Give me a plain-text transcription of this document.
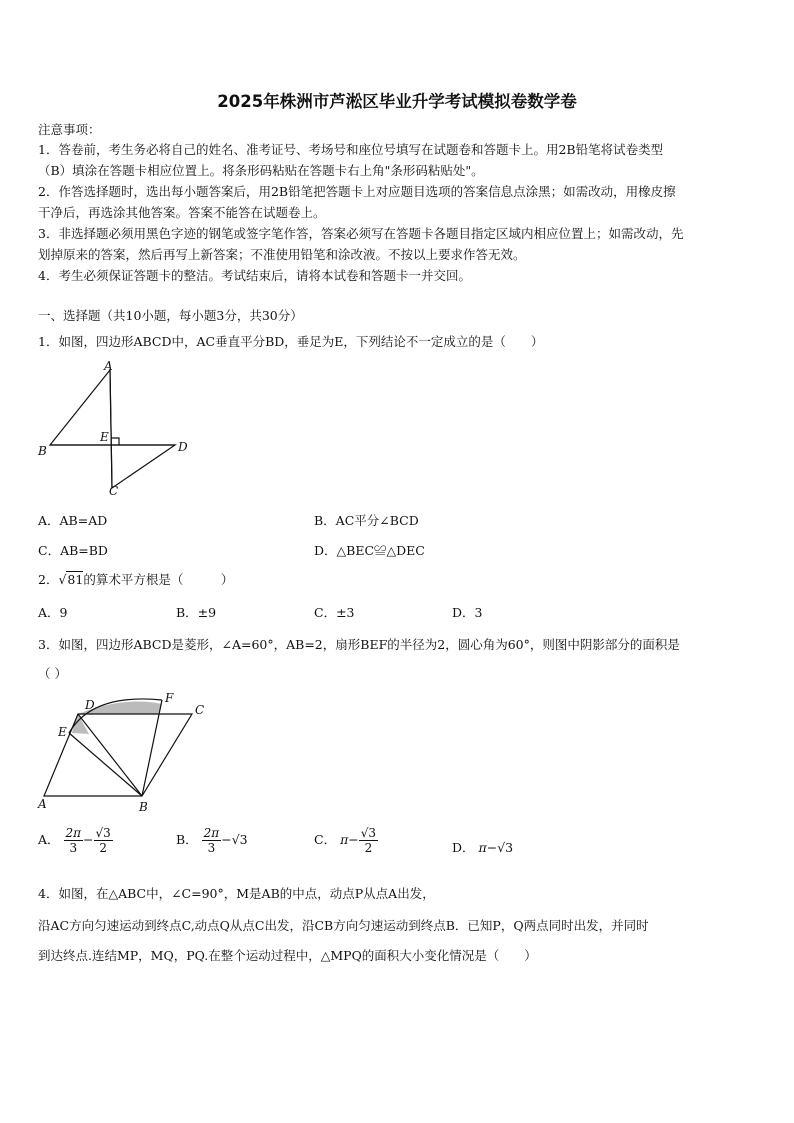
2025年株洲市芦淞区毕业升学考试模拟卷数学卷
注意事项：
1．答卷前，考生务必将自己的姓名、准考证号、考场号和座位号填写在试题卷和答题卡上。用2B铅笔将试卷类型
（B）填涂在答题卡相应位置上。将条形码粘贴在答题卡右上角"条形码粘贴处"。
2．作答选择题时，选出每小题答案后，用2B铅笔把答题卡上对应题目选项的答案信息点涂黑；如需改动，用橡皮擦
干净后，再选涂其他答案。答案不能答在试题卷上。
3．非选择题必须用黑色字迹的钢笔或签字笔作答，答案必须写在答题卡各题目指定区域内相应位置上；如需改动，先
划掉原来的答案，然后再写上新答案；不准使用铅笔和涂改液。不按以上要求作答无效。
4．考生必须保证答题卡的整洁。考试结束后，请将本试卷和答题卡一并交回。
一、选择题（共10小题，每小题3分，共30分）
1．如图，四边形ABCD中，AC垂直平分BD，垂足为E，下列结论不一定成立的是（　　）
A
B
C
D
E
A．AB=AD	B．AC平分∠BCD
C．AB=BD	D．△BEC≌△DEC
2．√81的算术平方根是（　　　）
A．9	B．±9	C．±3	D．3
3．如图，四边形ABCD是菱形，∠A=60°，AB=2，扇形BEF的半径为2，圆心角为60°，则图中阴影部分的面积是
（ ）
A	B
C
D
E
F
A． $\frac{2\pi}{3} - \frac{√3}{2}$	B． $\frac{2\pi}{3} -√3$	C． $\pi- \frac{√3}{2}$	D． π−√3
4．如图，在△ABC中，∠C=90°，M是AB的中点，动点P从点A出发，
沿AC方向匀速运动到终点C,动点Q从点C出发，沿CB方向匀速运动到终点B．已知P，Q两点同时出发，并同时
到达终点.连结MP，MQ，PQ.在整个运动过程中，△MPQ的面积大小变化情况是（　　）
